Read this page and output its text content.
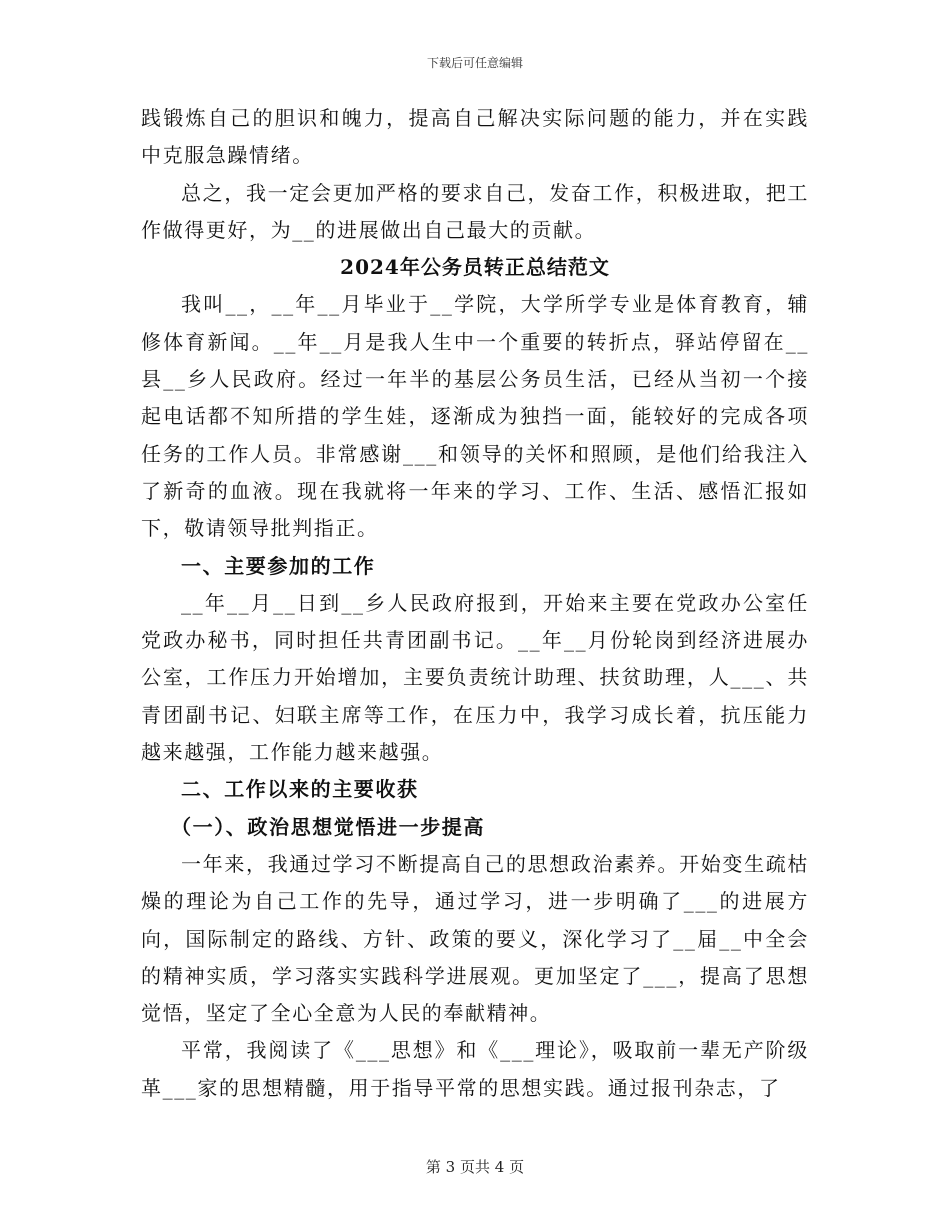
下载后可任意编辑

践锻炼自己的胆识和魄力，提高自己解决实际问题的能力，并在实践中克服急躁情绪。

总之，我一定会更加严格的要求自己，发奋工作，积极进取，把工作做得更好，为__的进展做出自己最大的贡献。

2024年公务员转正总结范文

我叫__，__年__月毕业于__学院，大学所学专业是体育教育，辅修体育新闻。__年__月是我人生中一个重要的转折点，驿站停留在__县__乡人民政府。经过一年半的基层公务员生活，已经从当初一个接起电话都不知所措的学生娃，逐渐成为独挡一面，能较好的完成各项任务的工作人员。非常感谢___和领导的关怀和照顾，是他们给我注入了新奇的血液。现在我就将一年来的学习、工作、生活、感悟汇报如下，敬请领导批判指正。

一、主要参加的工作

__年__月__日到__乡人民政府报到，开始来主要在党政办公室任党政办秘书，同时担任共青团副书记。__年__月份轮岗到经济进展办公室，工作压力开始增加，主要负责统计助理、扶贫助理，人___、共青团副书记、妇联主席等工作，在压力中，我学习成长着，抗压能力越来越强，工作能力越来越强。

二、工作以来的主要收获

（一）、政治思想觉悟进一步提高

一年来，我通过学习不断提高自己的思想政治素养。开始变生疏枯燥的理论为自己工作的先导，通过学习，进一步明确了___的进展方向，国际制定的路线、方针、政策的要义，深化学习了__届__中全会的精神实质，学习落实实践科学进展观。更加坚定了___，提高了思想觉悟，坚定了全心全意为人民的奉献精神。

平常，我阅读了《___思想》和《___理论》，吸取前一辈无产阶级革___家的思想精髓，用于指导平常的思想实践。通过报刊杂志，了

第 3 页共 4 页
